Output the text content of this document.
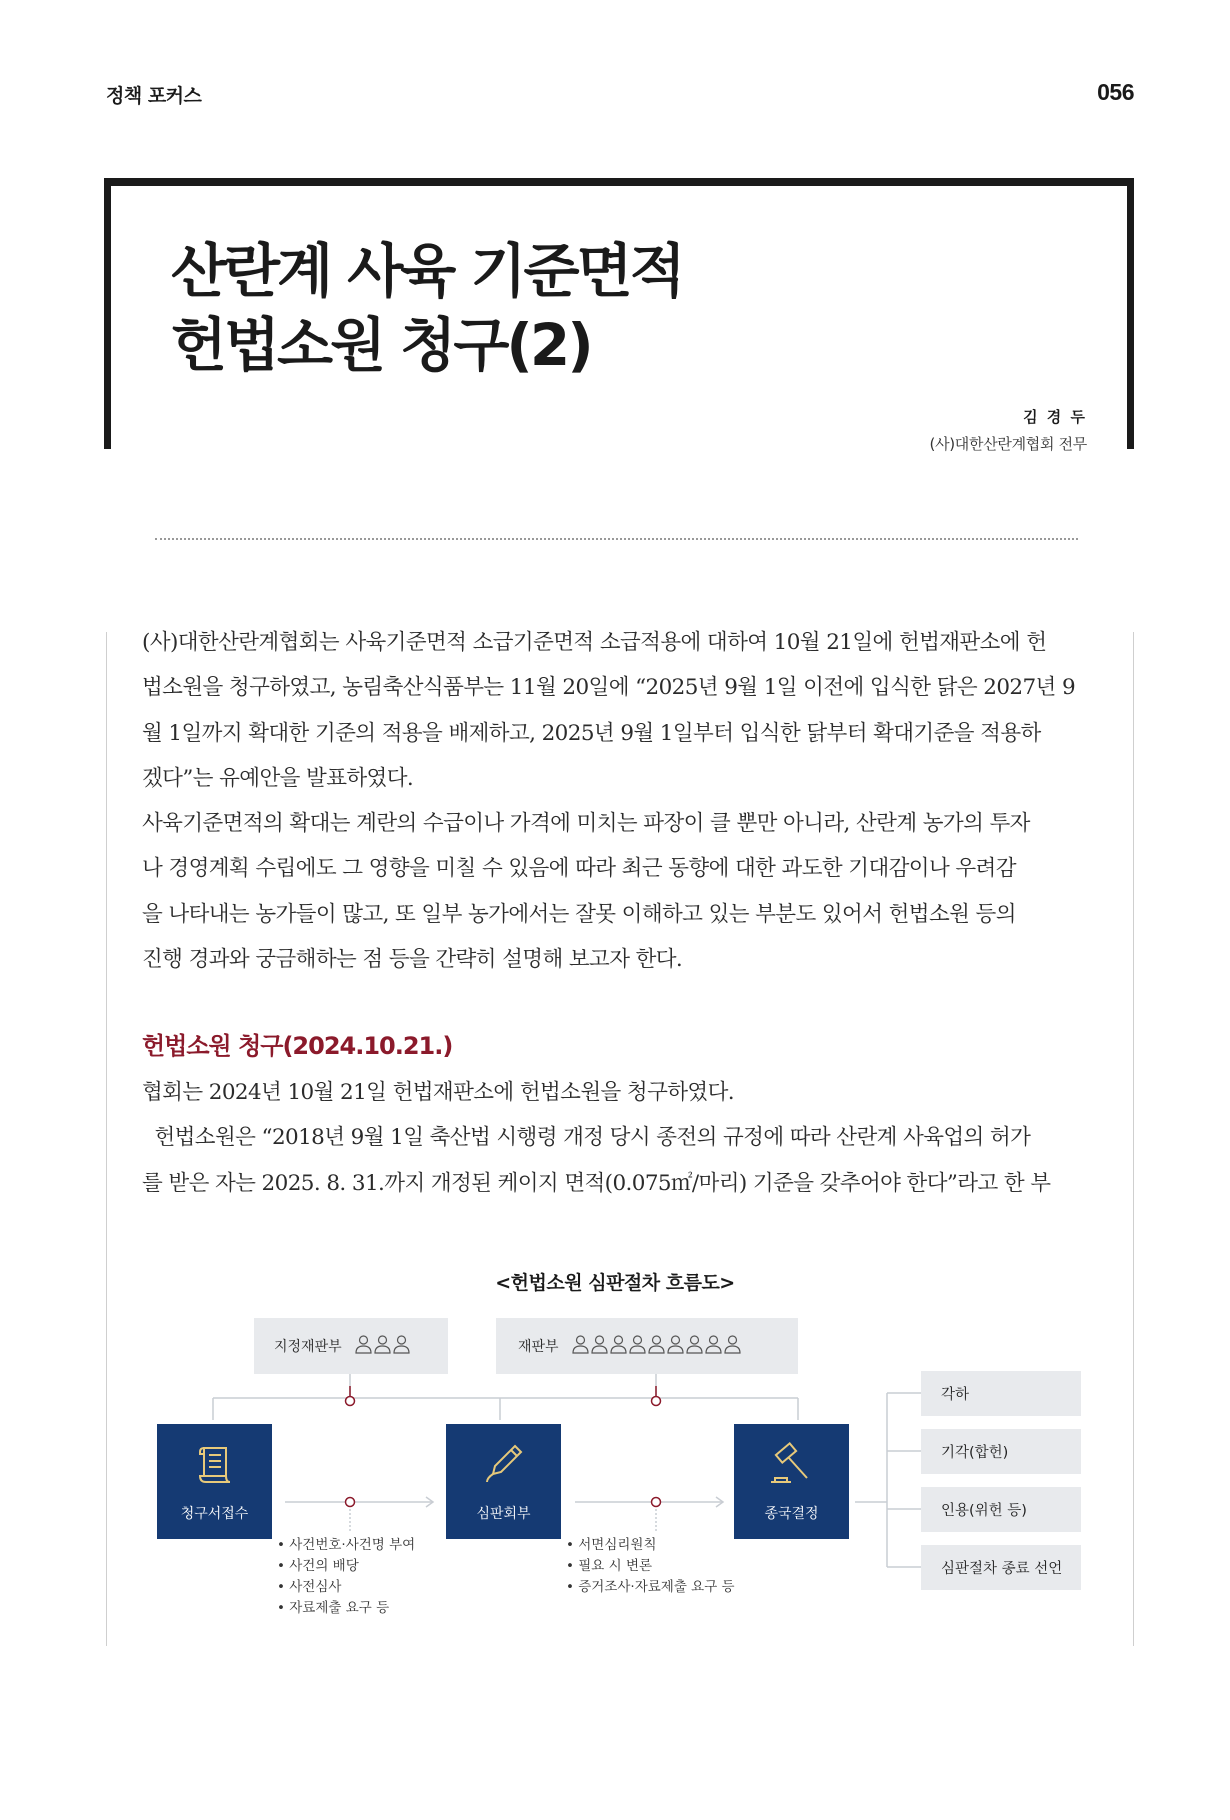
정책 포커스	056
산란계 사육 기준면적
헌법소원 청구(2)
김 경 두
(사)대한산란계협회 전무
(사)대한산란계협회는 사육기준면적 소급기준면적 소급적용에 대하여 10월 21일에 헌법재판소에 헌
법소원을 청구하였고, 농림축산식품부는 11월 20일에 “2025년 9월 1일 이전에 입식한 닭은 2027년 9
월 1일까지 확대한 기준의 적용을 배제하고, 2025년 9월 1일부터 입식한 닭부터 확대기준을 적용하
겠다”는 유예안을 발표하였다.
사육기준면적의 확대는 계란의 수급이나 가격에 미치는 파장이 클 뿐만 아니라, 산란계 농가의 투자
나 경영계획 수립에도 그 영향을 미칠 수 있음에 따라 최근 동향에 대한 과도한 기대감이나 우려감
을 나타내는 농가들이 많고, 또 일부 농가에서는 잘못 이해하고 있는 부분도 있어서 헌법소원 등의
진행 경과와 궁금해하는 점 등을 간략히 설명해 보고자 한다.
헌법소원 청구(2024.10.21.)
협회는 2024년 10월 21일 헌법재판소에 헌법소원을 청구하였다.
헌법소원은 “2018년 9월 1일 축산법 시행령 개정 당시 종전의 규정에 따라 산란계 사육업의 허가
를 받은 자는 2025. 8. 31.까지 개정된 케이지 면적(0.075㎡/마리) 기준을 갖추어야 한다”라고 한 부
<헌법소원 심판절차 흐름도>
지정재판부	재판부
청구서접수	심판회부	종국결정
• 사건번호·사건명 부여
• 사건의 배당
• 사전심사
• 자료제출 요구 등
• 서면심리원칙
• 필요 시 변론
• 증거조사·자료제출 요구 등
각하
기각(합헌)
인용(위헌 등)
심판절차 종료 선언
